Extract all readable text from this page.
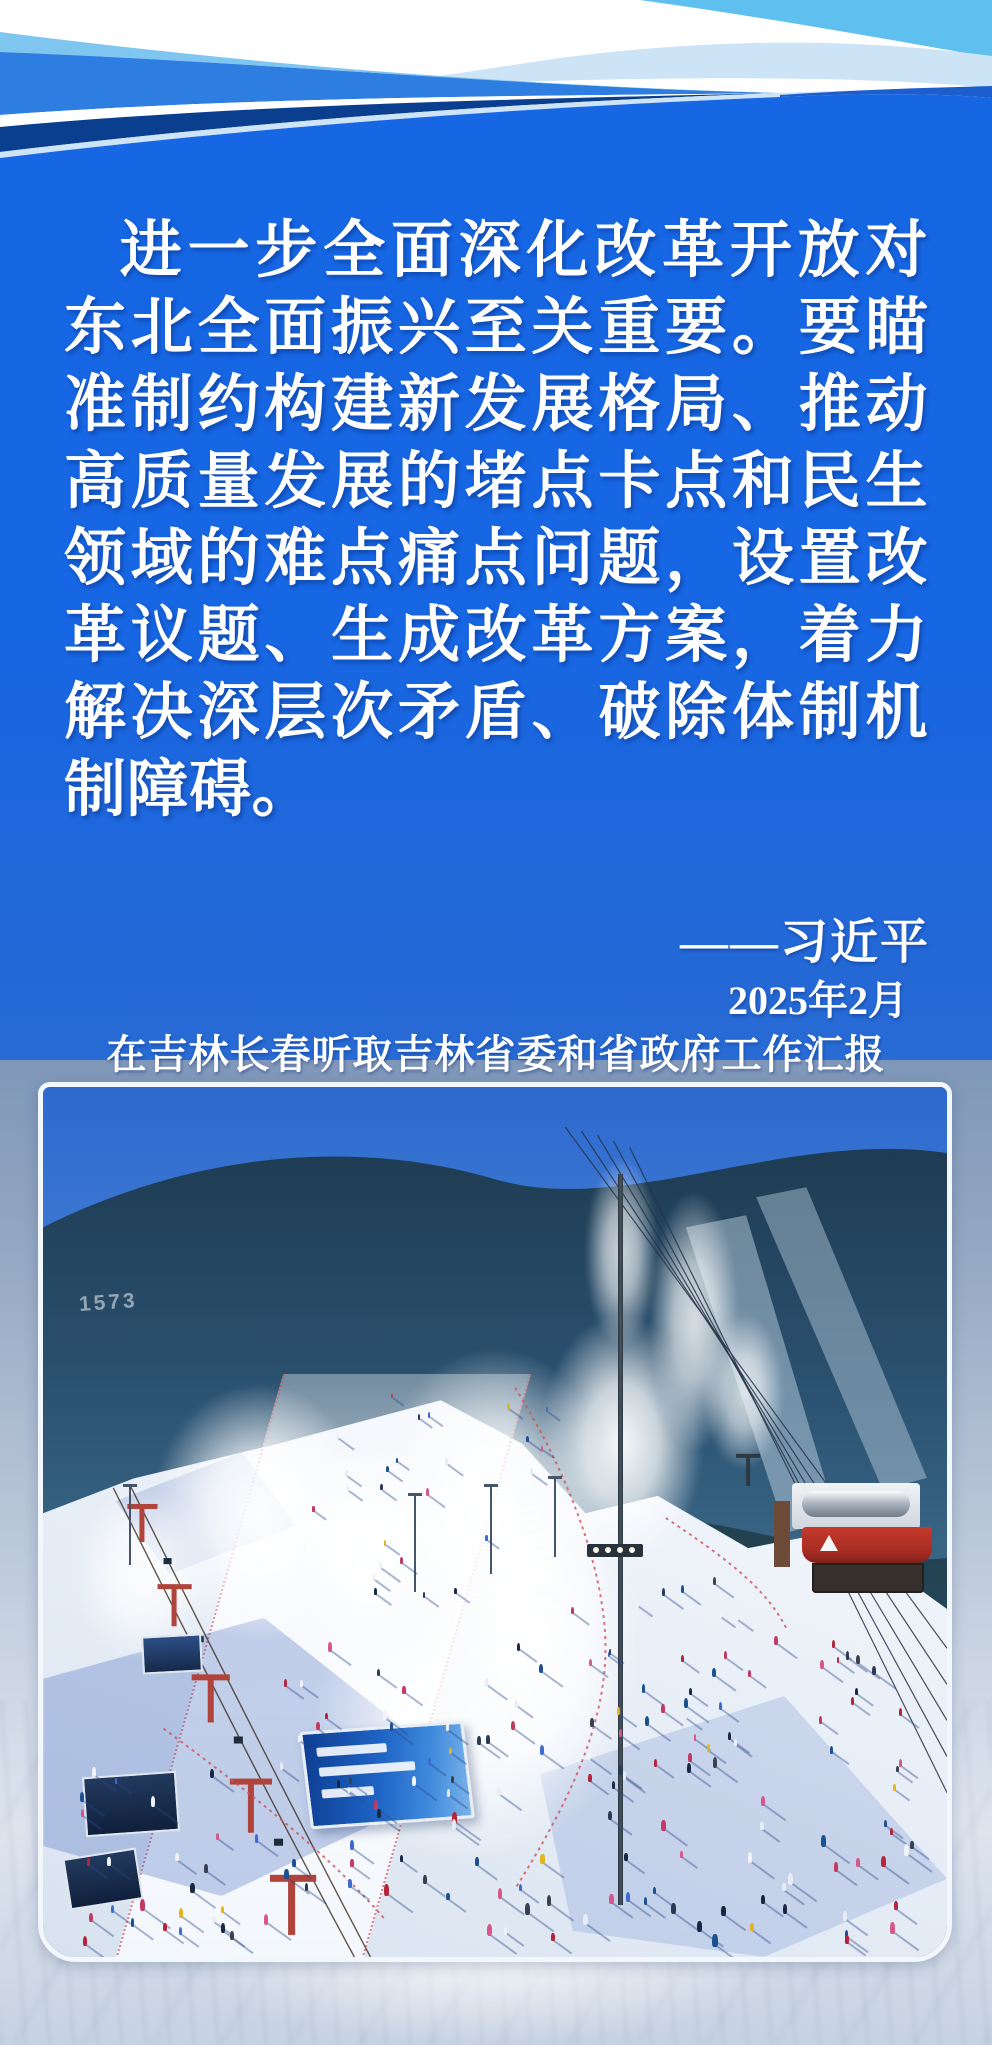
进一步全面深化改革开放对东北全面振兴至关重要。要瞄准制约构建新发展格局、推动高质量发展的堵点卡点和民生领域的难点痛点问题，设置改革议题、生成改革方案，着力解决深层次矛盾、破除体制机制障碍。
——习近平
2025年2月
在吉林长春听取吉林省委和省政府工作汇报
1573
